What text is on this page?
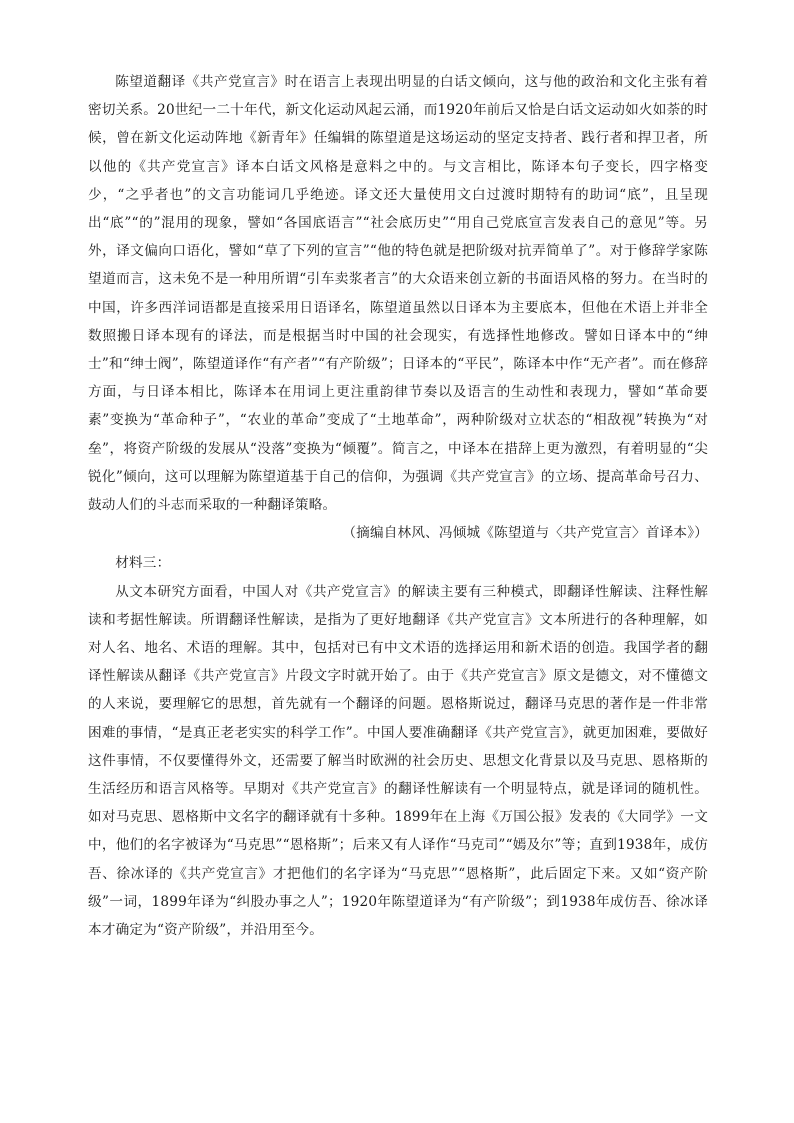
陈望道翻译《共产党宣言》时在语言上表现出明显的白话文倾向，这与他的政治和文化主张有着密切关系。20世纪一二十年代，新文化运动风起云涌，而1920年前后又恰是白话文运动如火如荼的时候，曾在新文化运动阵地《新青年》任编辑的陈望道是这场运动的坚定支持者、践行者和捍卫者，所以他的《共产党宣言》译本白话文风格是意料之中的。与文言相比，陈译本句子变长，四字格变少，“之乎者也”的文言功能词几乎绝迹。译文还大量使用文白过渡时期特有的助词“底”，且呈现出“底”“的”混用的现象，譬如“各国底语言”“社会底历史”“用自己党底宣言发表自己的意见”等。另外，译文偏向口语化，譬如“草了下列的宣言”“他的特色就是把阶级对抗弄简单了”。对于修辞学家陈望道而言，这未免不是一种用所谓“引车卖浆者言”的大众语来创立新的书面语风格的努力。在当时的中国，许多西洋词语都是直接采用日语译名，陈望道虽然以日译本为主要底本，但他在术语上并非全数照搬日译本现有的译法，而是根据当时中国的社会现实，有选择性地修改。譬如日译本中的“绅士”和“绅士阀”，陈望道译作“有产者”“有产阶级”；日译本的“平民”，陈译本中作“无产者”。而在修辞方面，与日译本相比，陈译本在用词上更注重韵律节奏以及语言的生动性和表现力，譬如“革命要素”变换为“革命种子”，“农业的革命”变成了“土地革命”，两种阶级对立状态的“相敌视”转换为“对垒”，将资产阶级的发展从“没落”变换为“倾覆”。简言之，中译本在措辞上更为激烈，有着明显的“尖锐化”倾向，这可以理解为陈望道基于自己的信仰，为强调《共产党宣言》的立场、提高革命号召力、鼓动人们的斗志而采取的一种翻译策略。

（摘编自林风、冯倾城《陈望道与〈共产党宣言〉首译本》）

材料三：

从文本研究方面看，中国人对《共产党宣言》的解读主要有三种模式，即翻译性解读、注释性解读和考据性解读。所谓翻译性解读，是指为了更好地翻译《共产党宣言》文本所进行的各种理解，如对人名、地名、术语的理解。其中，包括对已有中文术语的选择运用和新术语的创造。我国学者的翻译性解读从翻译《共产党宣言》片段文字时就开始了。由于《共产党宣言》原文是德文，对不懂德文的人来说，要理解它的思想，首先就有一个翻译的问题。恩格斯说过，翻译马克思的著作是一件非常困难的事情，“是真正老老实实的科学工作”。中国人要准确翻译《共产党宣言》，就更加困难，要做好这件事情，不仅要懂得外文，还需要了解当时欧洲的社会历史、思想文化背景以及马克思、恩格斯的生活经历和语言风格等。早期对《共产党宣言》的翻译性解读有一个明显特点，就是译词的随机性。如对马克思、恩格斯中文名字的翻译就有十多种。1899年在上海《万国公报》发表的《大同学》一文中，他们的名字被译为“马克思”“恩格斯”；后来又有人译作“马克司”“嫣及尔”等；直到1938年，成仿吾、徐冰译的《共产党宣言》才把他们的名字译为“马克思”“恩格斯”，此后固定下来。又如“资产阶级”一词，1899年译为“纠股办事之人”；1920年陈望道译为“有产阶级”；到1938年成仿吾、徐冰译本才确定为“资产阶级”，并沿用至今。
